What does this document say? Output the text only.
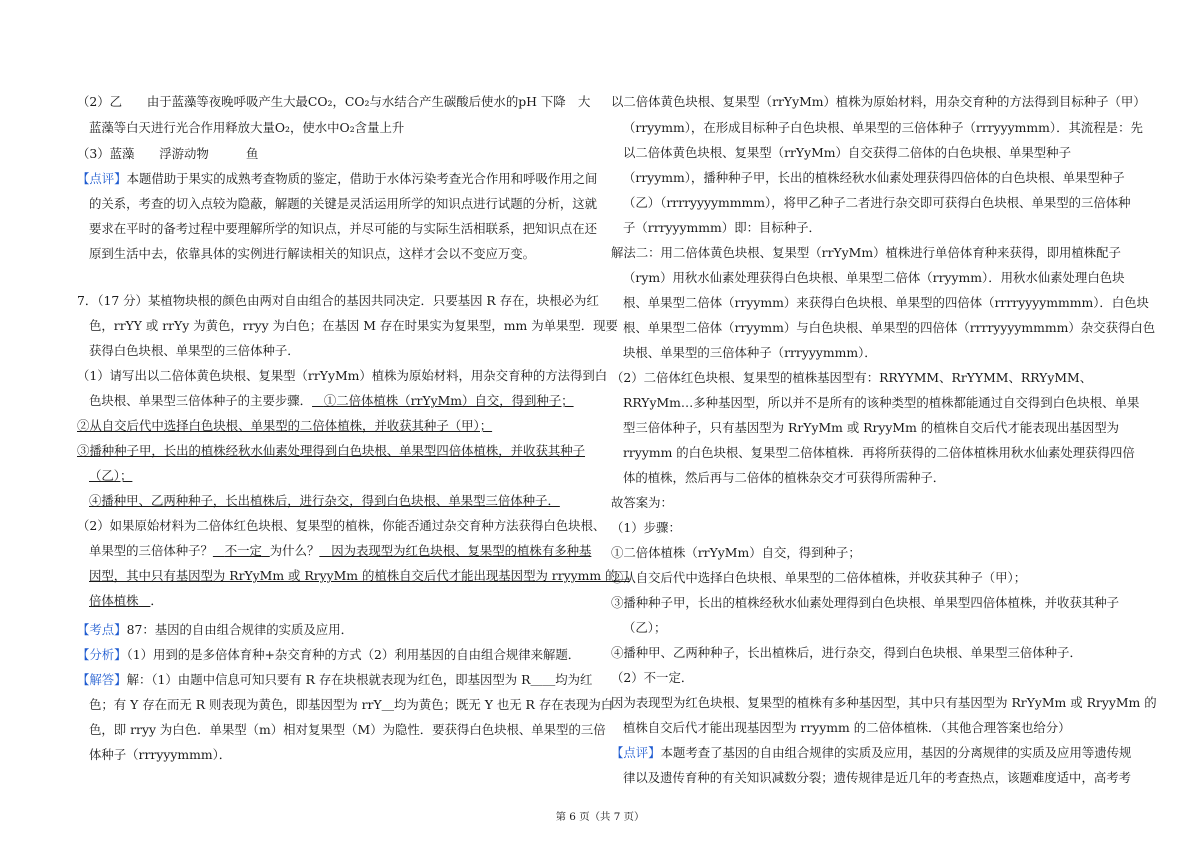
（2）乙　　由于蓝藻等夜晚呼吸产生大最CO₂，CO₂与水结合产生碳酸后使水的pH 下降　大
蓝藻等白天进行光合作用释放大量O₂，使水中O₂含量上升
（3）蓝藻　　浮游动物　　　鱼
【点评】本题借助于果实的成熟考查物质的鉴定，借助于水体污染考查光合作用和呼吸作用之间
的关系，考查的切入点较为隐蔽，解题的关键是灵活运用所学的知识点进行试题的分析，这就
要求在平时的备考过程中要理解所学的知识点，并尽可能的与实际生活相联系，把知识点在还
原到生活中去，依靠具体的实例进行解读相关的知识点，这样才会以不变应万变。
7．（17 分）某植物块根的颜色由两对自由组合的基因共同决定．只要基因 R 存在，块根必为红
色，rrYY 或 rrYy 为黄色，rryy 为白色；在基因 M 存在时果实为复果型，mm 为单果型．现要
获得白色块根、单果型的三倍体种子．
（1）请写出以二倍体黄色块根、复果型（rrYyMm）植株为原始材料，用杂交育种的方法得到白
色块根、单果型三倍体种子的主要步骤． ①二倍体植株（rrYyMm）自交，得到种子；
②从自交后代中选择白色块根、单果型的二倍体植株，并收获其种子（甲）；
③播种种子甲，长出的植株经秋水仙素处理得到白色块根、单果型四倍体植株，并收获其种子
（乙）；
④播种甲、乙两种种子，长出植株后，进行杂交，得到白色块根、单果型三倍体种子．
（2）如果原始材料为二倍体红色块根、复果型的植株，你能否通过杂交育种方法获得白色块根、
单果型的三倍体种子？ 不一定 为什么？ 因为表现型为红色块根、复果型的植株有多种基
因型，其中只有基因型为 RrYyMm 或 RryyMm 的植株自交后代才能出现基因型为 rryymm 的二
倍体植株 ．
【考点】87：基因的自由组合规律的实质及应用．
【分析】（1）用到的是多倍体育种+杂交育种的方式（2）利用基因的自由组合规律来解题．
【解答】解：（1）由题中信息可知只要有 R 存在块根就表现为红色，即基因型为 R＿＿均为红
色；有 Y 存在而无 R 则表现为黄色，即基因型为 rrY＿均为黄色；既无 Y 也无 R 存在表现为白
色，即 rryy 为白色．单果型（m）相对复果型（M）为隐性．要获得白色块根、单果型的三倍
体种子（rrryyymmm）．
以二倍体黄色块根、复果型（rrYyMm）植株为原始材料，用杂交育种的方法得到目标种子（甲）
（rryymm），在形成目标种子白色块根、单果型的三倍体种子（rrryyymmm）．其流程是：先
以二倍体黄色块根、复果型（rrYyMm）自交获得二倍体的白色块根、单果型种子
（rryymm），播种种子甲，长出的植株经秋水仙素处理获得四倍体的白色块根、单果型种子
（乙）（rrrryyyymmmm），将甲乙种子二者进行杂交即可获得白色块根、单果型的三倍体种
子（rrryyymmm）即：目标种子．
解法二：用二倍体黄色块根、复果型（rrYyMm）植株进行单倍体育种来获得，即用植株配子
（rym）用秋水仙素处理获得白色块根、单果型二倍体（rryymm）．用秋水仙素处理白色块
根、单果型二倍体（rryymm）来获得白色块根、单果型的四倍体（rrrryyyymmmm）．白色块
根、单果型二倍体（rryymm）与白色块根、单果型的四倍体（rrrryyyymmmm）杂交获得白色
块根、单果型的三倍体种子（rrryyymmm）．
（2）二倍体红色块根、复果型的植株基因型有：RRYYMM、RrYYMM、RRYyMM、
RRYyMm…多种基因型，所以并不是所有的该种类型的植株都能通过自交得到白色块根、单果
型三倍体种子，只有基因型为 RrYyMm 或 RryyMm 的植株自交后代才能表现出基因型为
rryymm 的白色块根、复果型二倍体植株．再将所获得的二倍体植株用秋水仙素处理获得四倍
体的植株，然后再与二倍体的植株杂交才可获得所需种子．
故答案为：
（1）步骤：
①二倍体植株（rrYyMm）自交，得到种子；
②从自交后代中选择白色块根、单果型的二倍体植株，并收获其种子（甲）；
③播种种子甲，长出的植株经秋水仙素处理得到白色块根、单果型四倍体植株，并收获其种子
（乙）；
④播种甲、乙两种种子，长出植株后，进行杂交，得到白色块根、单果型三倍体种子．
（2）不一定．
因为表现型为红色块根、复果型的植株有多种基因型，其中只有基因型为 RrYyMm 或 RryyMm 的
植株自交后代才能出现基因型为 rryymm 的二倍体植株．（其他合理答案也给分）
【点评】本题考查了基因的自由组合规律的实质及应用，基因的分离规律的实质及应用等遗传规
律以及遗传育种的有关知识减数分裂；遗传规律是近几年的考查热点，该题难度适中，高考考
第 6 页（共 7 页）
